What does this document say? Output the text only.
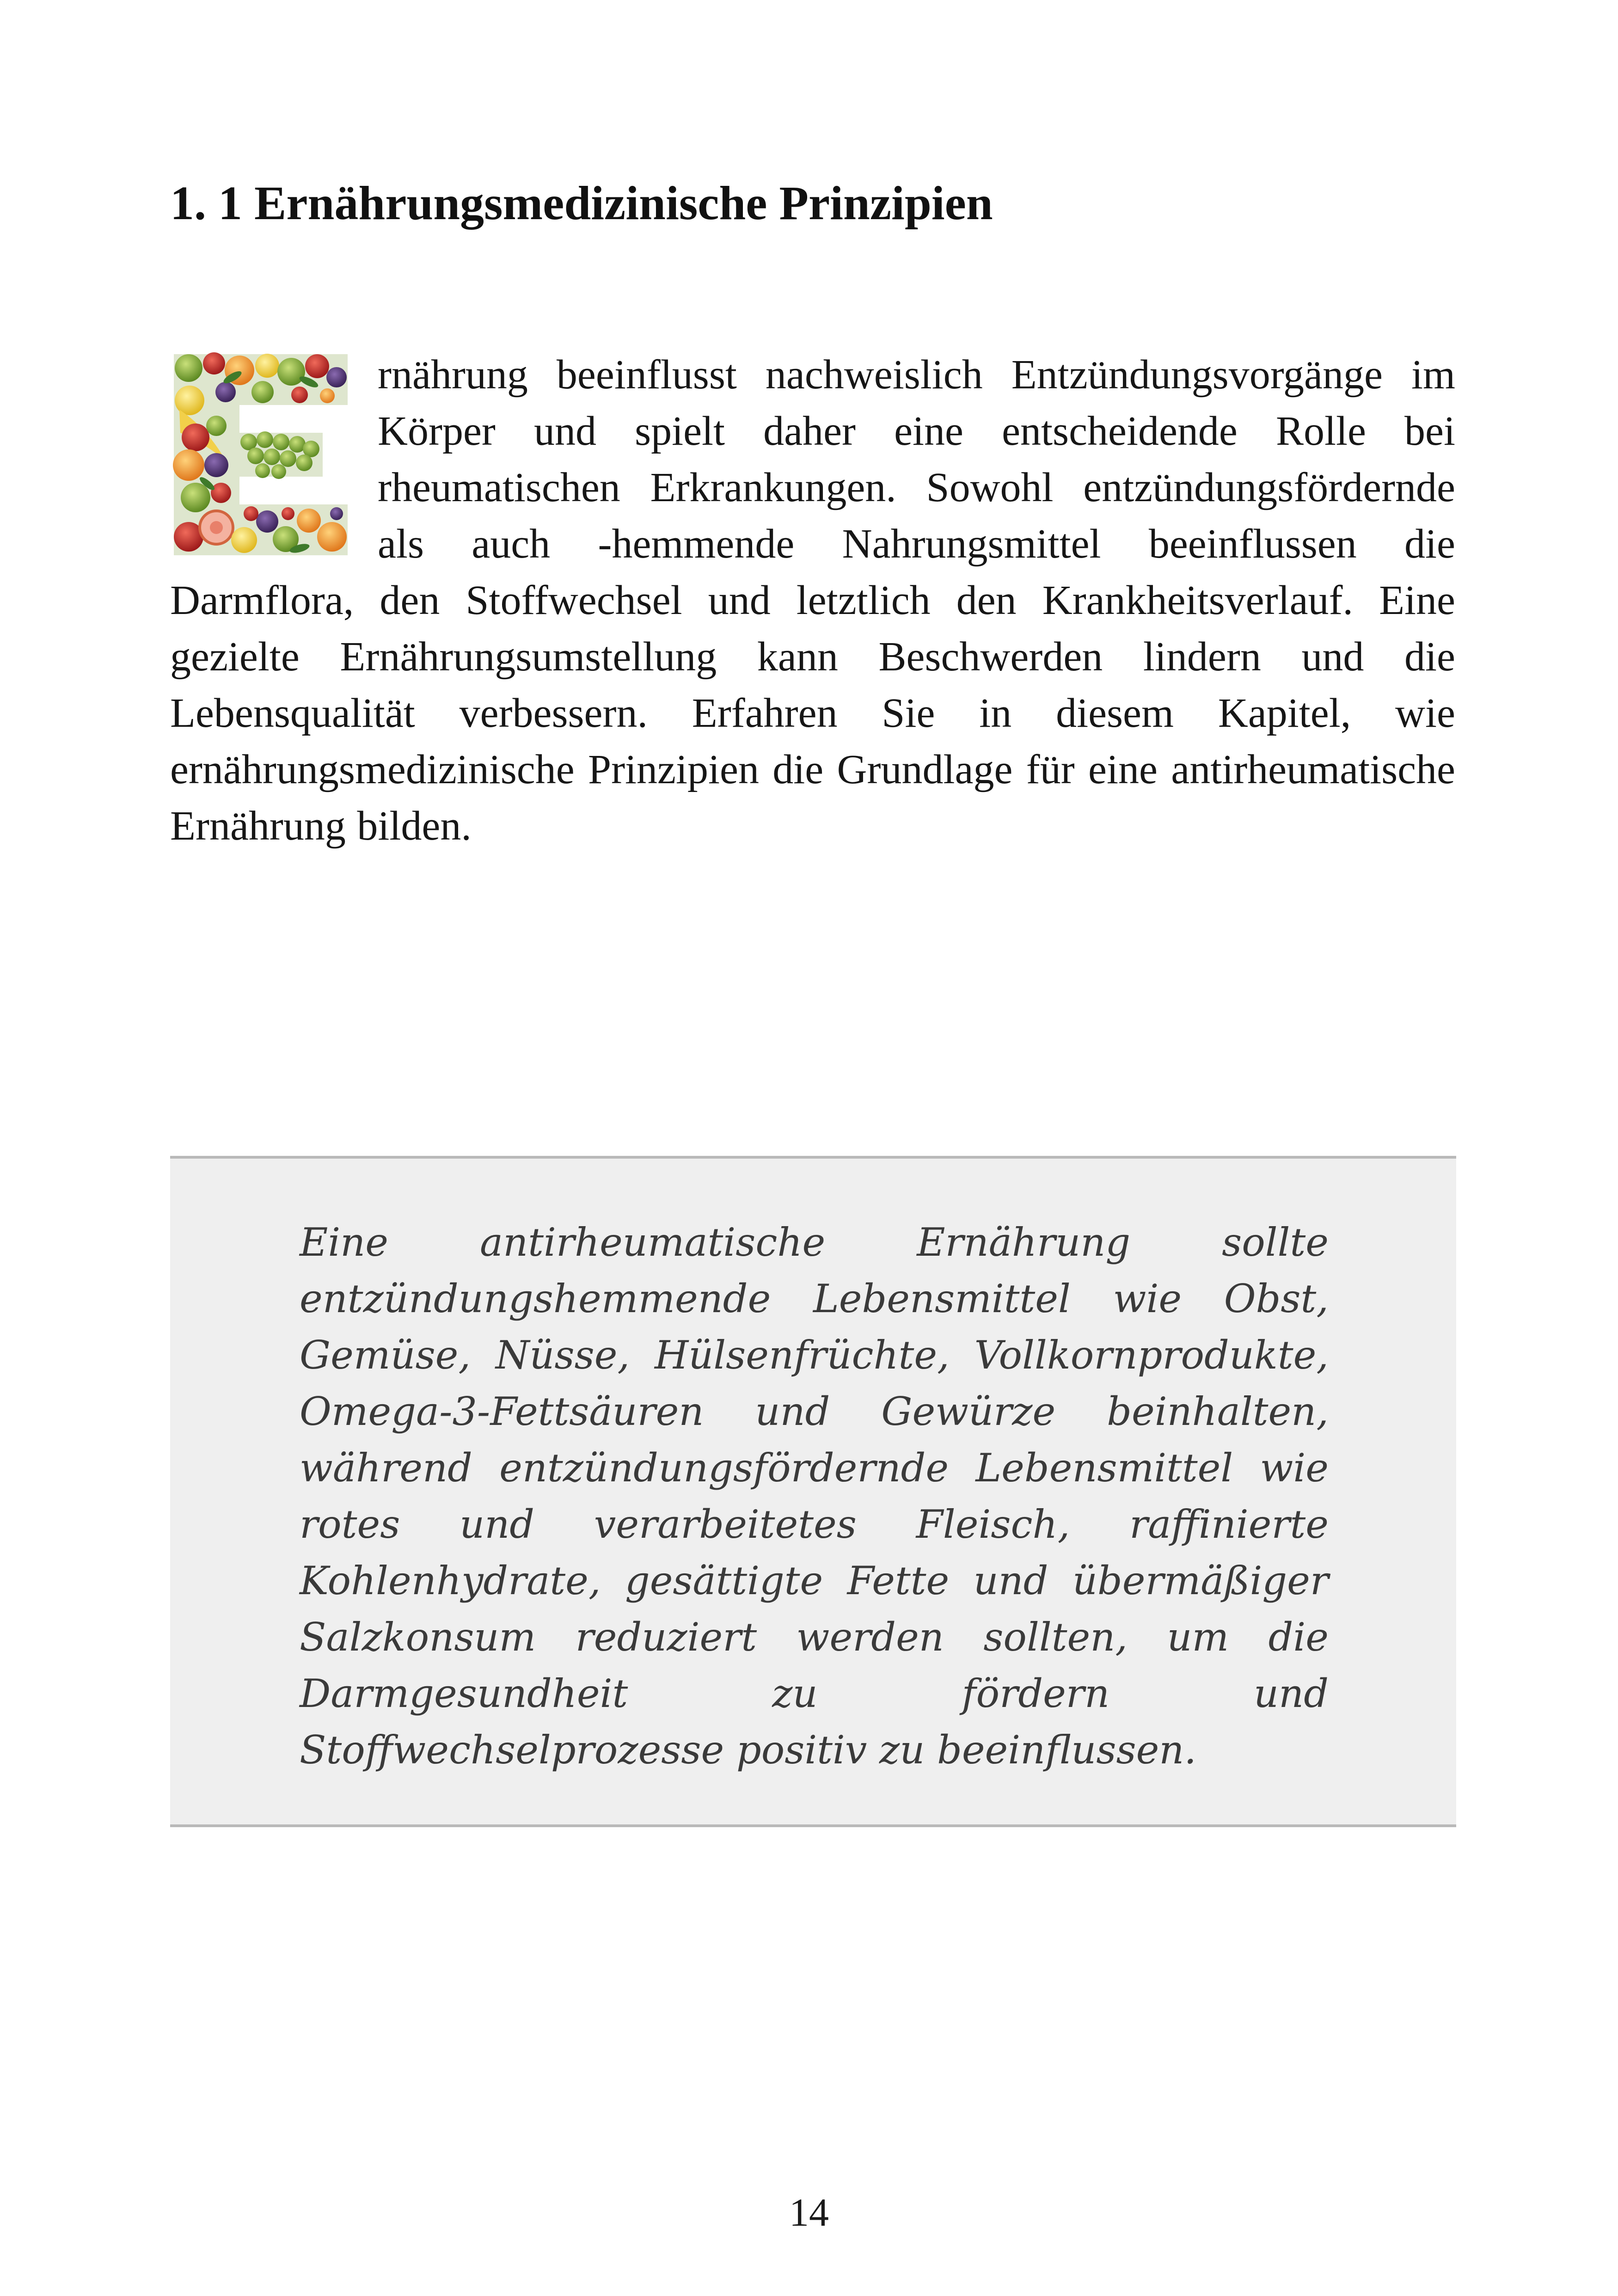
1. 1 Ernährungsmedizinische Prinzipien
rnährung beeinflusst nachweislich Entzündungsvorgänge im Körper und spielt daher eine entscheidende Rolle bei rheumatischen Erkrankungen. Sowohl entzündungsfördernde als auch -hemmende Nahrungsmittel beeinflussen die Darmflora, den Stoffwechsel und letztlich den Krankheitsverlauf. Eine gezielte Ernährungsumstellung kann Beschwerden lindern und die Lebensqualität verbessern. Erfahren Sie in diesem Kapitel, wie ernährungsmedizinische Prinzipien die Grundlage für eine antirheumatische Ernährung bilden.

Eine antirheumatische Ernährung sollte entzündungshemmende Lebensmittel wie Obst, Gemüse, Nüsse, Hülsenfrüchte, Vollkornprodukte, Omega-3-Fettsäuren und Gewürze beinhalten, während entzündungsfördernde Lebensmittel wie rotes und verarbeitetes Fleisch, raffinierte Kohlenhydrate, gesättigte Fette und übermäßiger Salzkonsum reduziert werden sollten, um die Darmgesundheit zu fördern und Stoffwechselprozesse positiv zu beeinflussen.

14
